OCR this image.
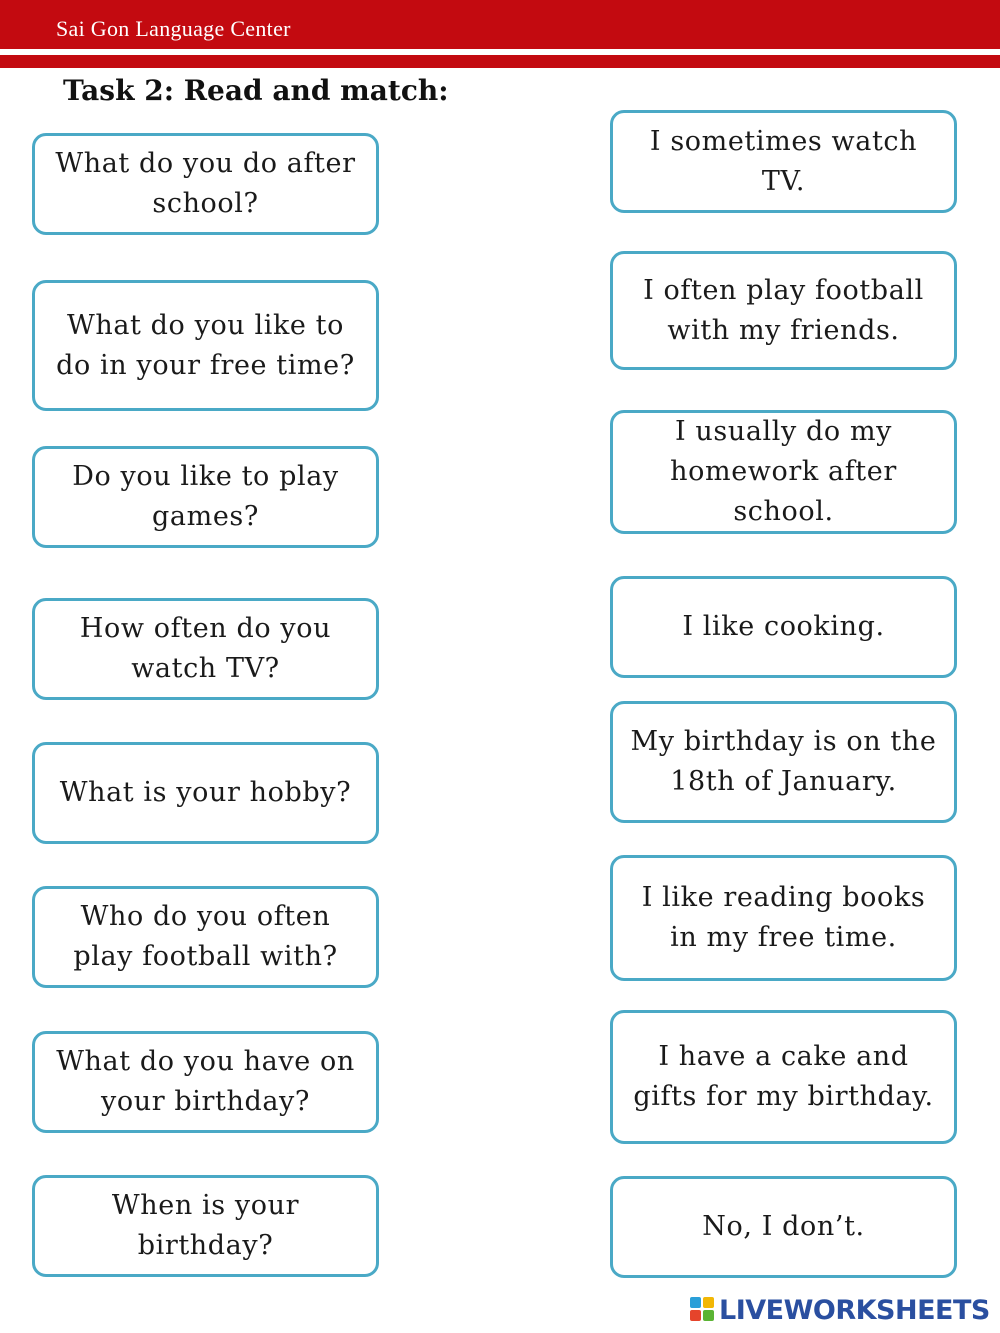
Sai Gon Language Center
Task 2: Read and match:
What do you do after school?
What do you like to do in your free time?
Do you like to play games?
How often do you watch TV?
What is your hobby?
Who do you often play football with?
What do you have on your birthday?
When is your birthday?
I sometimes watch TV.
I often play football with my friends.
I usually do my homework after school.
I like cooking.
My birthday is on the 18th of January.
I like reading books in my free time.
I have a cake and gifts for my birthday.
No, I don’t.
LIVEWORKSHEETS
